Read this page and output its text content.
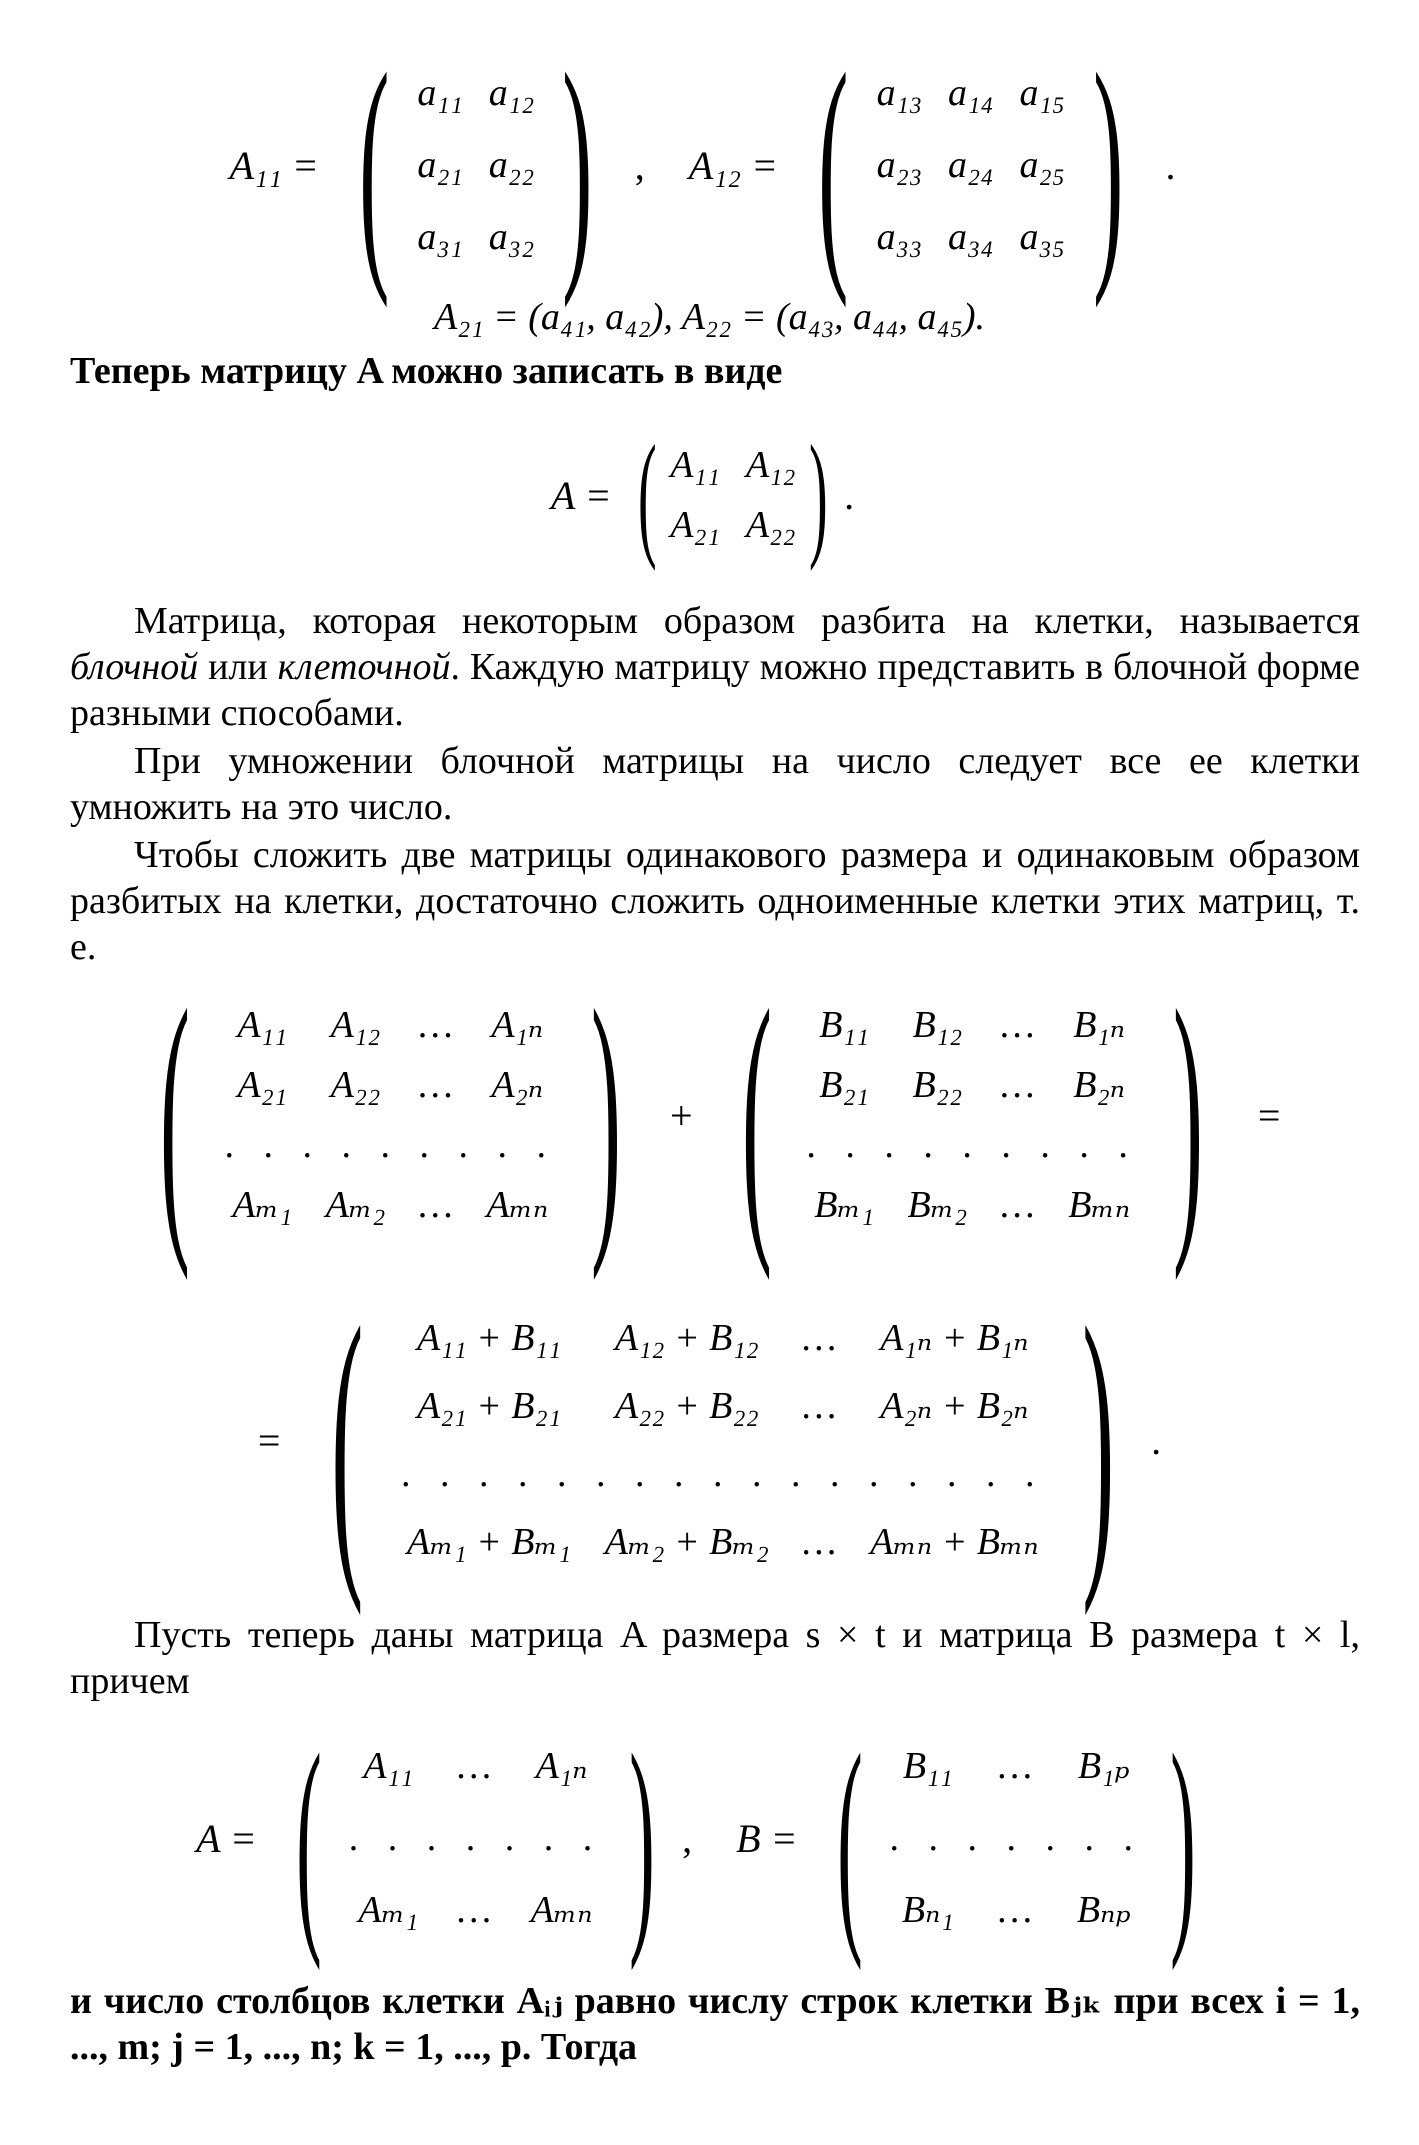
A₁₁ = ( a₁₁ a₁₂
a₂₁ a₂₂
a₃₁ a₃₂ ) , A₁₂ = ( a₁₃ a₁₄ a₁₅
a₂₃ a₂₄ a₂₅
a₃₃ a₃₄ a₃₅ ) .
A₂₁ = (a₄₁, a₄₂), A₂₂ = (a₄₃, a₄₄, a₄₅).
Теперь матрицу A можно записать в виде
A = ( A₁₁ A₁₂
A₂₁ A₂₂ ) .
Матрица, которая некоторым образом разбита на клетки, называется блочной или клеточной. Каждую матрицу можно представить в блочной форме разными способами.
При умножении блочной матрицы на число следует все ее клетки умножить на это число.
Чтобы сложить две матрицы одинакового размера и одинаковым образом разбитых на клетки, достаточно сложить одноименные клетки этих матриц, т. е.
(	A₁₁	A₁₂	…	A₁ₙ
A₂₁	A₂₂	…	A₂ₙ
. . . . . . . . .
Aₘ₁ Aₘ₂ … Aₘₙ ) + (	B₁₁	B₁₂	…	B₁ₙ
B₂₁	B₂₂	…	B₂ₙ
. . . . . . . . .
Bₘ₁ Bₘ₂ … Bₘₙ ) =
= (	A₁₁ + B₁₁	A₁₂ + B₁₂	…	A₁ₙ + B₁ₙ
A₂₁ + B₂₁	A₂₂ + B₂₂	…	A₂ₙ + B₂ₙ
. . . . . . . . . . . . . . . . .
Aₘ₁ + Bₘ₁ Aₘ₂ + Bₘ₂ … Aₘₙ + Bₘₙ ) .
Пусть теперь даны матрица A размера s × t и матрица B размера t × l, причем
A = (	A₁₁	…	A₁ₙ
. . . . . . .
Aₘ₁ … Aₘₙ ) , B = (	B₁₁	…	B₁ₚ
. . . . . . .
Bₙ₁	…	Bₙₚ )
и число столбцов клетки Aᵢⱼ равно числу строк клетки Bⱼₖ при всех i = 1, ..., m; j = 1, ..., n; k = 1, ..., p. Тогда
